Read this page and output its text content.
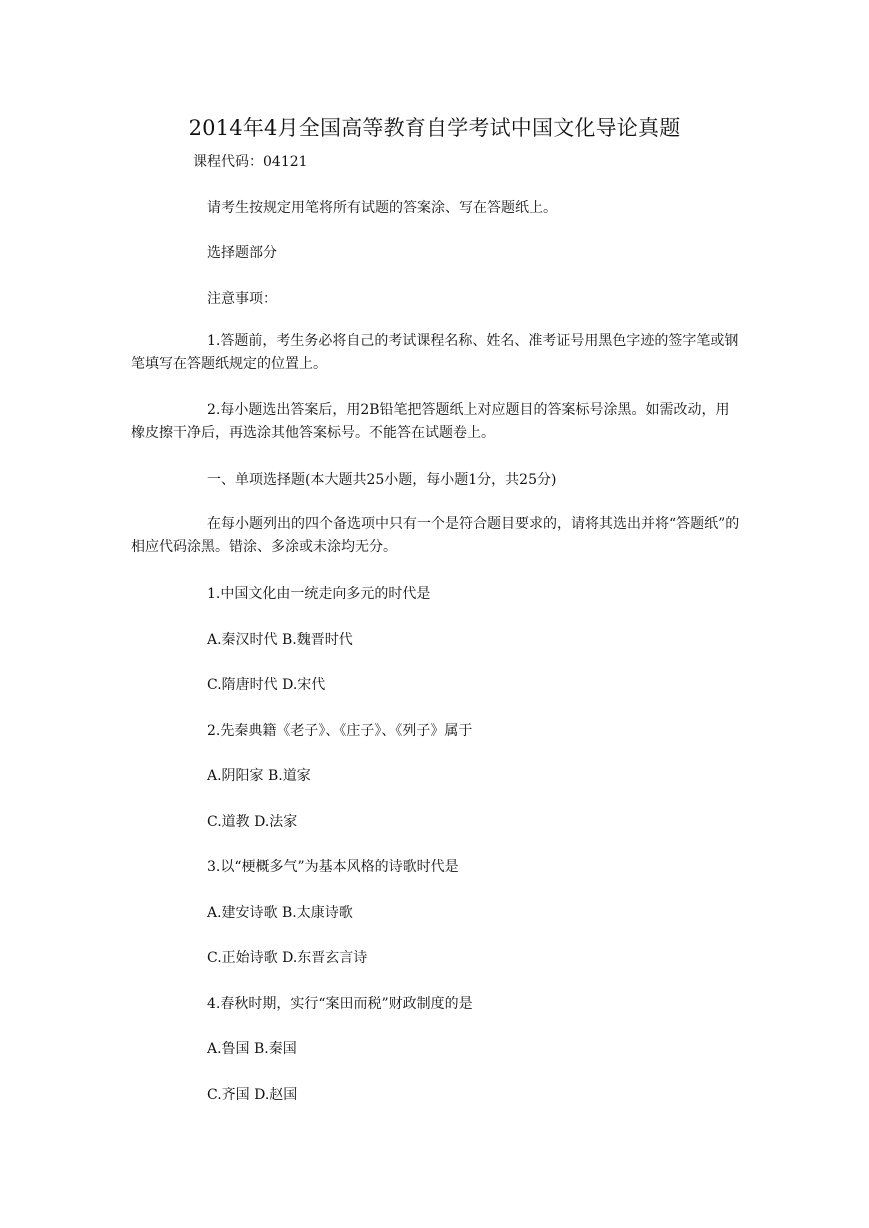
2014年4月全国高等教育自学考试中国文化导论真题
课程代码：04121

请考生按规定用笔将所有试题的答案涂、写在答题纸上。

选择题部分

注意事项：

1.答题前，考生务必将自己的考试课程名称、姓名、准考证号用黑色字迹的签字笔或钢笔填写在答题纸规定的位置上。

2.每小题选出答案后，用2B铅笔把答题纸上对应题目的答案标号涂黑。如需改动，用橡皮擦干净后，再选涂其他答案标号。不能答在试题卷上。

一、单项选择题(本大题共25小题，每小题1分，共25分)

在每小题列出的四个备选项中只有一个是符合题目要求的，请将其选出并将“答题纸”的相应代码涂黑。错涂、多涂或未涂均无分。

1.中国文化由一统走向多元的时代是

A.秦汉时代 B.魏晋时代

C.隋唐时代 D.宋代

2.先秦典籍《老子》、《庄子》、《列子》属于

A.阴阳家 B.道家

C.道教 D.法家

3.以“梗概多气”为基本风格的诗歌时代是

A.建安诗歌 B.太康诗歌

C.正始诗歌 D.东晋玄言诗

4.春秋时期，实行“案田而税”财政制度的是

A.鲁国 B.秦国

C.齐国 D.赵国
